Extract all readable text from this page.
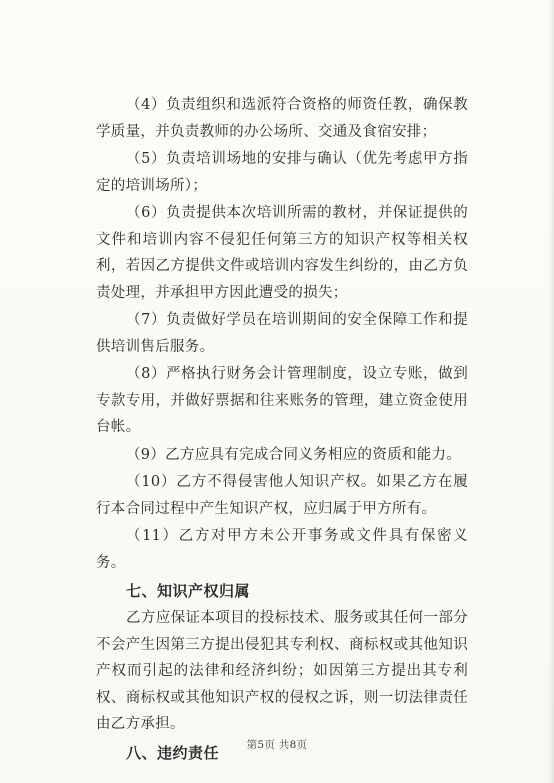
（4）负责组织和选派符合资格的师资任教，确保教学质量，并负责教师的办公场所、交通及食宿安排；

（5）负责培训场地的安排与确认（优先考虑甲方指定的培训场所）；

（6）负责提供本次培训所需的教材，并保证提供的文件和培训内容不侵犯任何第三方的知识产权等相关权利，若因乙方提供文件或培训内容发生纠纷的，由乙方负责处理，并承担甲方因此遭受的损失；

（7）负责做好学员在培训期间的安全保障工作和提供培训售后服务。

（8）严格执行财务会计管理制度，设立专账，做到专款专用，并做好票据和往来账务的管理，建立资金使用台帐。

（9）乙方应具有完成合同义务相应的资质和能力。

（10）乙方不得侵害他人知识产权。如果乙方在履行本合同过程中产生知识产权，应归属于甲方所有。

（11）乙方对甲方未公开事务或文件具有保密义务。

七、知识产权归属

乙方应保证本项目的投标技术、服务或其任何一部分不会产生因第三方提出侵犯其专利权、商标权或其他知识产权而引起的法律和经济纠纷；如因第三方提出其专利权、商标权或其他知识产权的侵权之诉，则一切法律责任由乙方承担。

八、违约责任	第5页 共8页
